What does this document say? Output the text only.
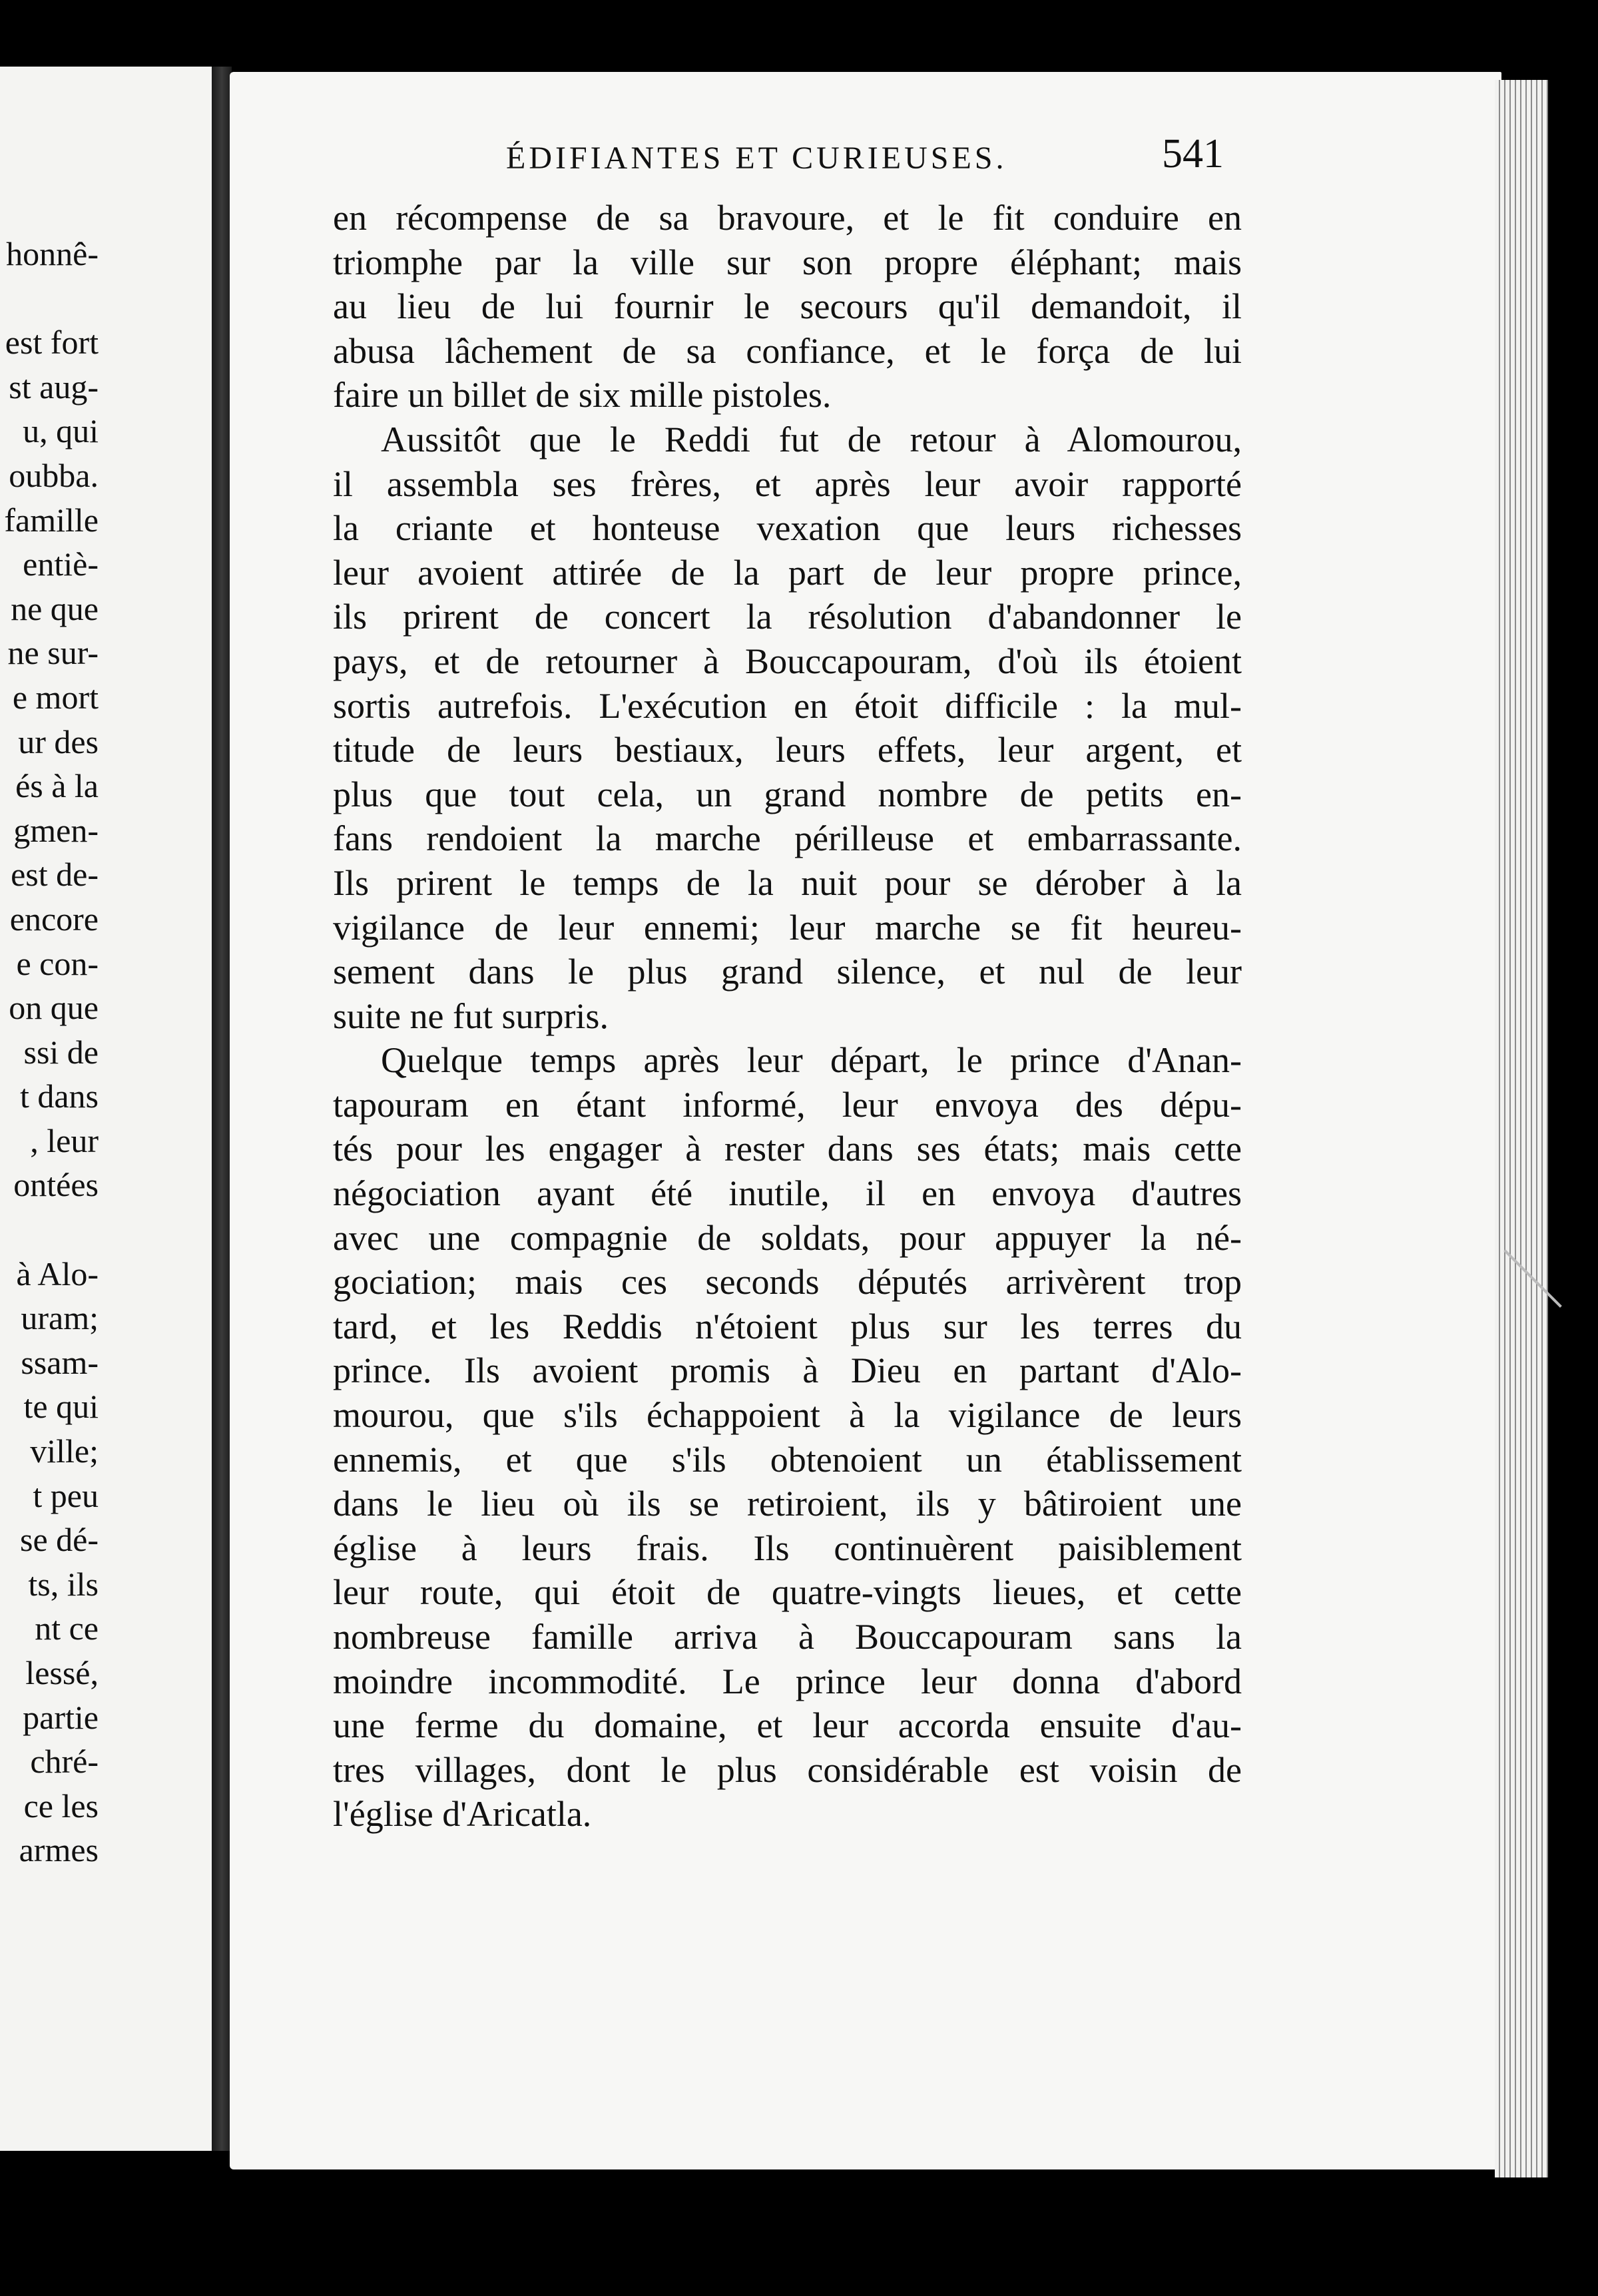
honnê-
est fort
st aug-
u, qui
oubba.
famille
entiè-
ne que
ne sur-
e mort
ur des
és à la
gmen-
est de-
encore
e con-
on que
ssi de
t dans
, leur
ontées
à Alo-
uram;
ssam-
te qui
ville;
t peu
se dé-
ts, ils
nt ce
lessé,
partie
chré-
ce les
armes
ÉDIFIANTES ET CURIEUSES.	541
en récompense de sa bravoure, et le fit conduire en
triomphe par la ville sur son propre éléphant; mais
au lieu de lui fournir le secours qu'il demandoit, il
abusa lâchement de sa confiance, et le força de lui
faire un billet de six mille pistoles.
Aussitôt que le Reddi fut de retour à Alomourou,
il assembla ses frères, et après leur avoir rapporté
la criante et honteuse vexation que leurs richesses
leur avoient attirée de la part de leur propre prince,
ils prirent de concert la résolution d'abandonner le
pays, et de retourner à Bouccapouram, d'où ils étoient
sortis autrefois. L'exécution en étoit difficile : la mul-
titude de leurs bestiaux, leurs effets, leur argent, et
plus que tout cela, un grand nombre de petits en-
fans rendoient la marche périlleuse et embarrassante.
Ils prirent le temps de la nuit pour se dérober à la
vigilance de leur ennemi; leur marche se fit heureu-
sement dans le plus grand silence, et nul de leur
suite ne fut surpris.
Quelque temps après leur départ, le prince d'Anan-
tapouram en étant informé, leur envoya des dépu-
tés pour les engager à rester dans ses états; mais cette
négociation ayant été inutile, il en envoya d'autres
avec une compagnie de soldats, pour appuyer la né-
gociation; mais ces seconds députés arrivèrent trop
tard, et les Reddis n'étoient plus sur les terres du
prince. Ils avoient promis à Dieu en partant d'Alo-
mourou, que s'ils échappoient à la vigilance de leurs
ennemis, et que s'ils obtenoient un établissement
dans le lieu où ils se retiroient, ils y bâtiroient une
église à leurs frais. Ils continuèrent paisiblement
leur route, qui étoit de quatre-vingts lieues, et cette
nombreuse famille arriva à Bouccapouram sans la
moindre incommodité. Le prince leur donna d'abord
une ferme du domaine, et leur accorda ensuite d'au-
tres villages, dont le plus considérable est voisin de
l'église d'Aricatla.
